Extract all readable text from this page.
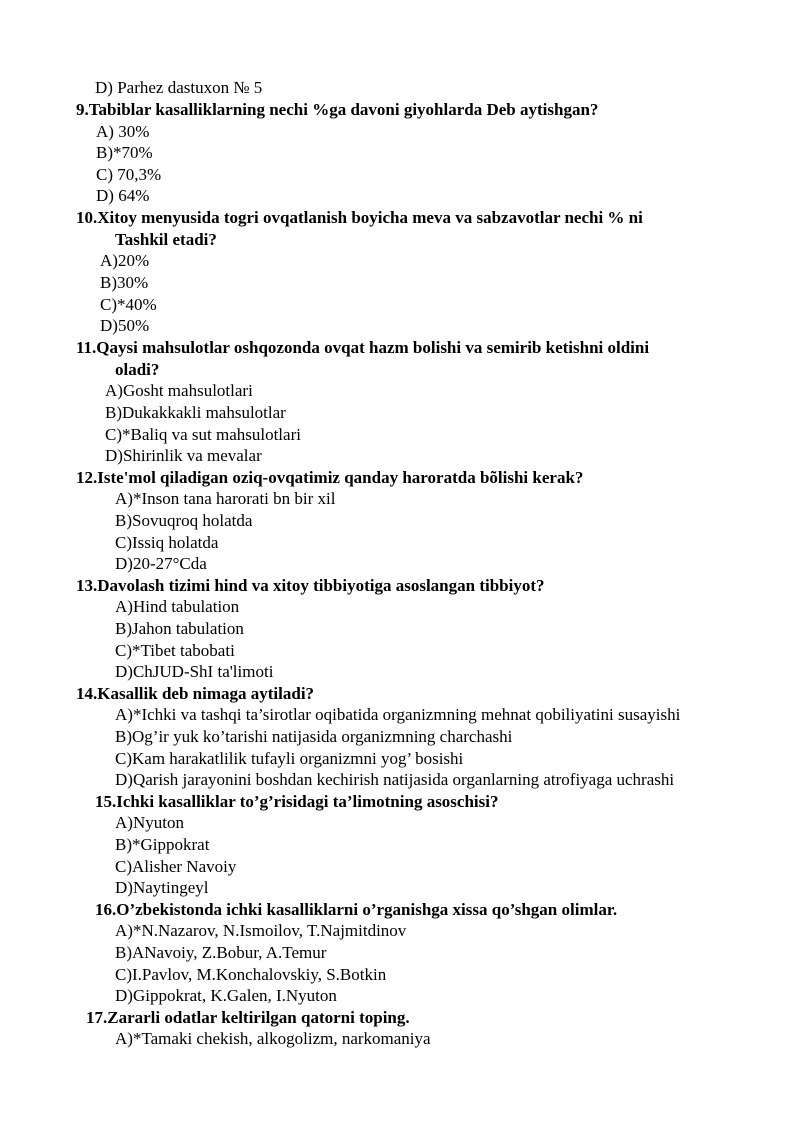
D) Parhez dastuxon № 5
9.Tabiblar kasalliklarning nechi %ga davoni giyohlarda Deb aytishgan?
A) 30%
B)*70%
C) 70,3%
D) 64%
10.Xitoy menyusida togri ovqatlanish boyicha meva va sabzavotlar nechi % ni
Tashkil etadi?
A)20%
B)30%
C)*40%
D)50%
11.Qaysi mahsulotlar oshqozonda ovqat hazm bolishi va semirib ketishni oldini
oladi?
A)Gosht mahsulotlari
B)Dukakkakli mahsulotlar
C)*Baliq va sut mahsulotlari
D)Shirinlik va mevalar
12.Iste'mol qiladigan oziq-ovqatimiz qanday haroratda bõlishi kerak?
A)*Inson tana harorati bn bir xil
B)Sovuqroq holatda
C)Issiq holatda
D)20-27°Cda
13.Davolash tizimi hind va xitoy tibbiyotiga asoslangan tibbiyot?
A)Hind tabulation
B)Jahon tabulation
C)*Tibet tabobati
D)ChJUD-ShI ta'limoti
14.Kasallik deb nimaga aytiladi?
A)*Ichki va tashqi ta’sirotlar oqibatida organizmning mehnat qobiliyatini susayishi
B)Og’ir yuk ko’tarishi natijasida organizmning charchashi
C)Kam harakatlilik tufayli organizmni yog’ bosishi
D)Qarish jarayonini boshdan kechirish natijasida organlarning atrofiyaga uchrashi
15.Ichki kasalliklar to’g’risidagi ta’limotning asoschisi?
A)Nyuton
B)*Gippokrat
C)Alisher Navoiy
D)Naytingeyl
16.O’zbekistonda ichki kasalliklarni o’rganishga xissa qo’shgan olimlar.
A)*N.Nazarov, N.Ismoilov, T.Najmitdinov
B)ANavoiy, Z.Bobur, A.Temur
C)I.Pavlov, M.Konchalovskiy, S.Botkin
D)Gippokrat, K.Galen, I.Nyuton
17.Zararli odatlar keltirilgan qatorni toping.
A)*Tamaki chekish, alkogolizm, narkomaniya
